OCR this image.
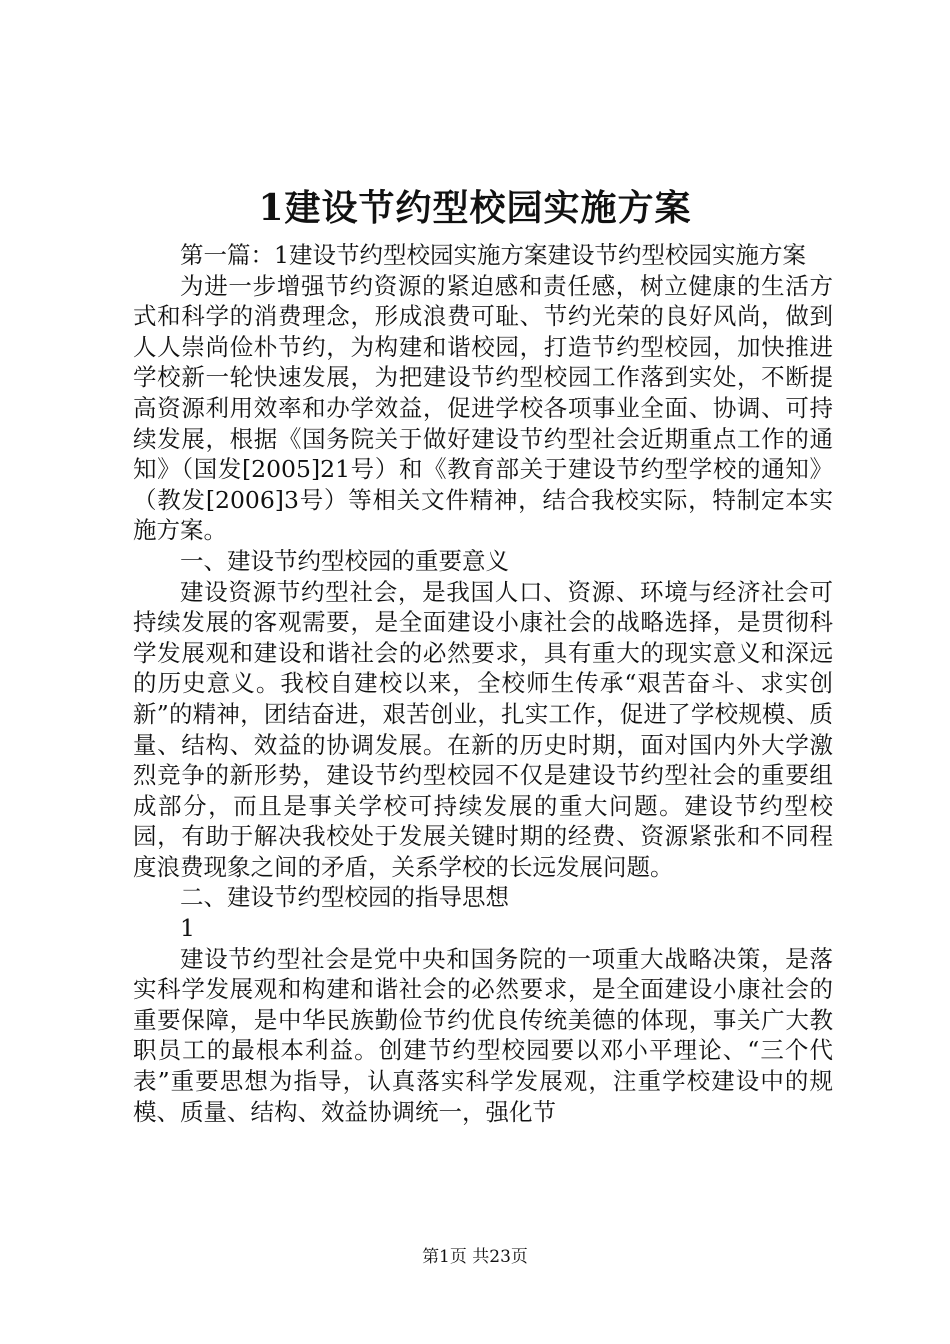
1建设节约型校园实施方案

第一篇：1建设节约型校园实施方案建设节约型校园实施方案

为进一步增强节约资源的紧迫感和责任感，树立健康的生活方式和科学的消费理念，形成浪费可耻、节约光荣的良好风尚，做到人人崇尚俭朴节约，为构建和谐校园，打造节约型校园，加快推进学校新一轮快速发展，为把建设节约型校园工作落到实处，不断提高资源利用效率和办学效益，促进学校各项事业全面、协调、可持续发展，根据《国务院关于做好建设节约型社会近期重点工作的通知》（国发[2005]21号）和《教育部关于建设节约型学校的通知》（教发[2006]3号）等相关文件精神，结合我校实际，特制定本实施方案。

一、建设节约型校园的重要意义

建设资源节约型社会，是我国人口、资源、环境与经济社会可持续发展的客观需要，是全面建设小康社会的战略选择，是贯彻科学发展观和建设和谐社会的必然要求，具有重大的现实意义和深远的历史意义。我校自建校以来，全校师生传承“艰苦奋斗、求实创新”的精神，团结奋进，艰苦创业，扎实工作，促进了学校规模、质量、结构、效益的协调发展。在新的历史时期，面对国内外大学激烈竞争的新形势，建设节约型校园不仅是建设节约型社会的重要组成部分，而且是事关学校可持续发展的重大问题。建设节约型校园，有助于解决我校处于发展关键时期的经费、资源紧张和不同程度浪费现象之间的矛盾，关系学校的长远发展问题。

二、建设节约型校园的指导思想

1

建设节约型社会是党中央和国务院的一项重大战略决策，是落实科学发展观和构建和谐社会的必然要求，是全面建设小康社会的重要保障，是中华民族勤俭节约优良传统美德的体现，事关广大教职员工的最根本利益。创建节约型校园要以邓小平理论、“三个代表”重要思想为指导，认真落实科学发展观，注重学校建设中的规模、质量、结构、效益协调统一，强化节

第1页 共23页
